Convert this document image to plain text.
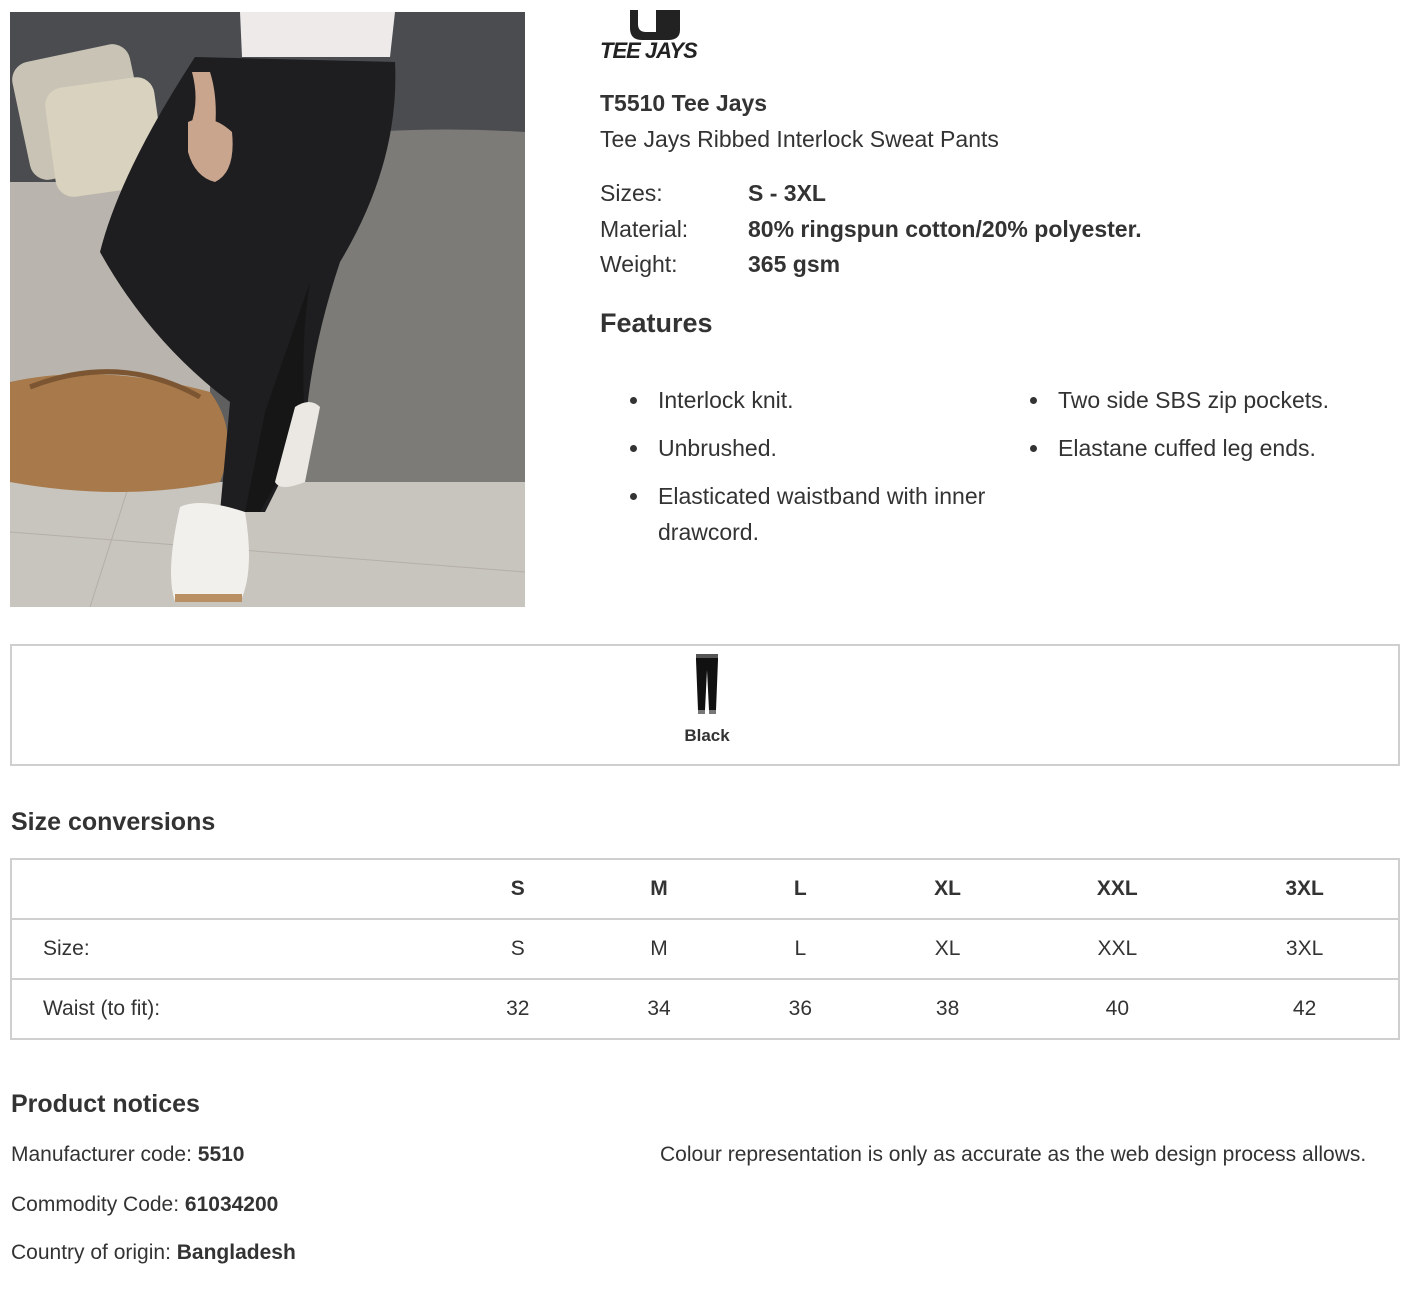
TEE JAYS
T5510 Tee Jays
Tee Jays Ribbed Interlock Sweat Pants
Sizes:	S - 3XL
Material:	80% ringspun cotton/20% polyester.
Weight:	365 gsm
Features
Interlock knit.
Unbrushed.
Elasticated waistband with inner drawcord.
Two side SBS zip pockets.
Elastane cuffed leg ends.
Black
Size conversions
	S	M	L	XL	XXL	3XL
Size:	S	M	L	XL	XXL	3XL
Waist (to fit):	32	34	36	38	40	42
Product notices
Manufacturer code: 5510
Commodity Code: 61034200
Country of origin: Bangladesh
Colour representation is only as accurate as the web design process allows.
